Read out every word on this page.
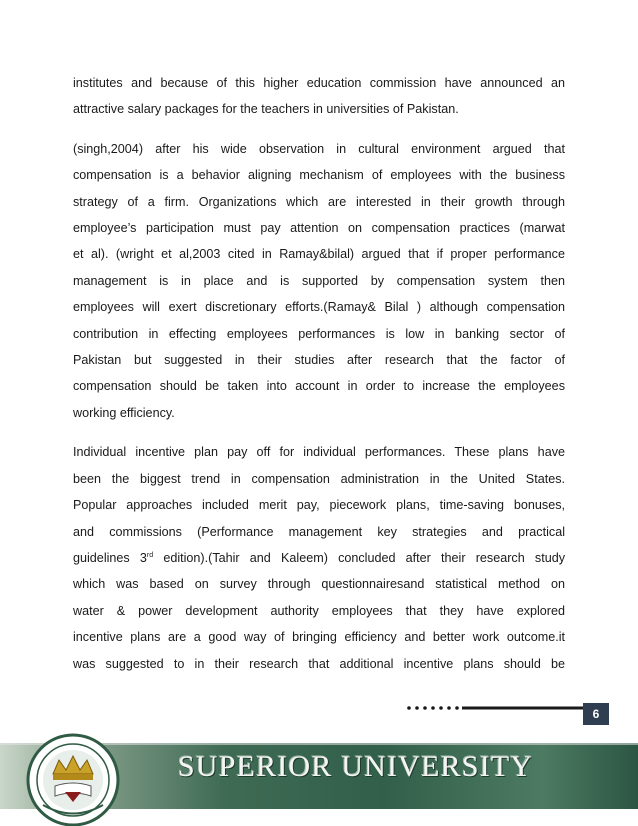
institutes and because of this higher education commission have announced an
attractive salary packages for the teachers in universities of Pakistan.

(singh,2004) after his wide observation in cultural environment argued that
compensation is a behavior aligning mechanism of employees with the business
strategy of a firm. Organizations which are interested in their growth through
employee’s participation must pay attention on compensation practices (marwat
et al). (wright et al,2003 cited in Ramay&bilal) argued that if proper performance
management is in place and is supported by compensation system then
employees will exert discretionary efforts.(Ramay& Bilal ) although compensation
contribution in effecting employees performances is low in banking sector of
Pakistan but suggested in their studies after research that the factor of
compensation should be taken into account in order to increase the employees
working efficiency.

Individual incentive plan pay off for individual performances. These plans have
been the biggest trend in compensation administration in the United States.
Popular approaches included merit pay, piecework plans, time-saving bonuses,
and commissions (Performance management key strategies and practical
guidelines 3rd edition).(Tahir and Kaleem) concluded after their research study
which was based on survey through questionnairesand statistical method on
water & power development authority employees that they have explored
incentive plans are a good way of bringing efficiency and better work outcome.it
was suggested to in their research that additional incentive plans should be

6
SUPERIOR UNIVERSITY
